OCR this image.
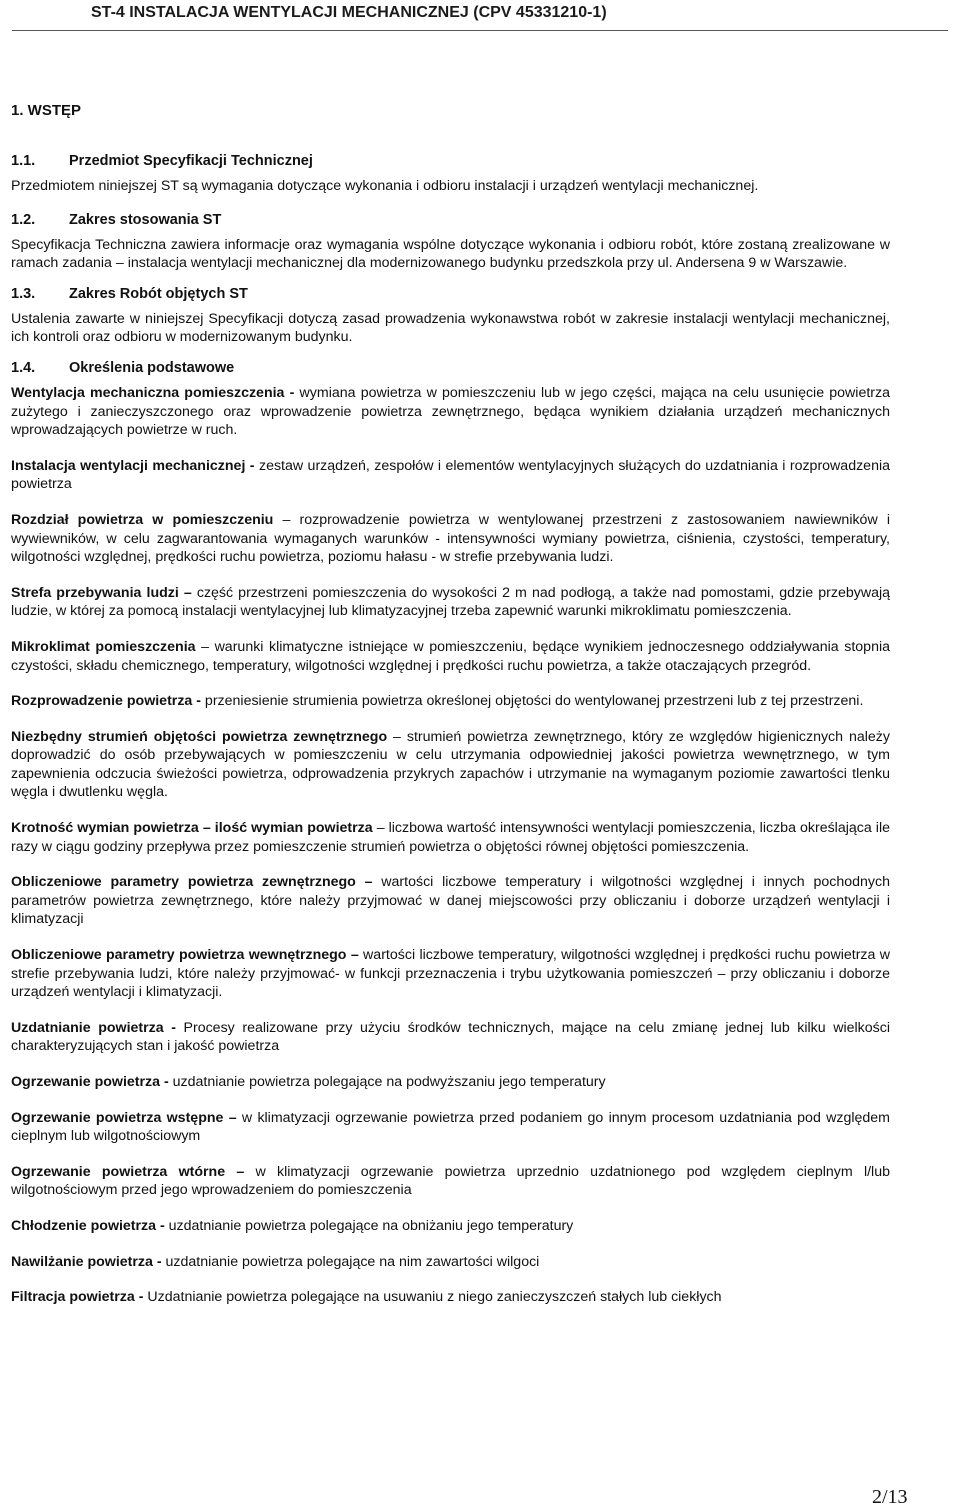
ST-4 INSTALACJA WENTYLACJI MECHANICZNEJ (CPV 45331210-1)
1. WSTĘP
1.1.	Przedmiot Specyfikacji Technicznej

Przedmiotem niniejszej ST są wymagania dotyczące wykonania i odbioru instalacji i urządzeń wentylacji mechanicznej.

1.2.	Zakres stosowania ST

Specyfikacja Techniczna zawiera informacje oraz wymagania wspólne dotyczące wykonania i odbioru robót, które zostaną zrealizowane w ramach zadania – instalacja wentylacji mechanicznej dla modernizowanego budynku przedszkola przy ul. Andersena 9 w Warszawie.

1.3.	Zakres Robót objętych ST

Ustalenia zawarte w niniejszej Specyfikacji dotyczą zasad prowadzenia wykonawstwa robót w zakresie instalacji wentylacji mechanicznej, ich kontroli oraz odbioru w modernizowanym budynku.

1.4.	Określenia podstawowe

Wentylacja mechaniczna pomieszczenia - wymiana powietrza w pomieszczeniu lub w jego części, mająca na celu usunięcie powietrza zużytego i zanieczyszczonego oraz wprowadzenie powietrza zewnętrznego, będąca wynikiem działania urządzeń mechanicznych wprowadzających powietrze w ruch.

Instalacja wentylacji mechanicznej - zestaw urządzeń, zespołów i elementów wentylacyjnych służących do uzdatniania i rozprowadzenia powietrza

Rozdział powietrza w pomieszczeniu – rozprowadzenie powietrza w wentylowanej przestrzeni z zastosowaniem nawiewników i wywiewników, w celu zagwarantowania wymaganych warunków - intensywności wymiany powietrza, ciśnienia, czystości, temperatury, wilgotności względnej, prędkości ruchu powietrza, poziomu hałasu - w strefie przebywania ludzi.

Strefa przebywania ludzi – część przestrzeni pomieszczenia do wysokości 2 m nad podłogą, a także nad pomostami, gdzie przebywają ludzie, w której za pomocą instalacji wentylacyjnej lub klimatyzacyjnej trzeba zapewnić warunki mikroklimatu pomieszczenia.

Mikroklimat pomieszczenia – warunki klimatyczne istniejące w pomieszczeniu, będące wynikiem jednoczesnego oddziaływania stopnia czystości, składu chemicznego, temperatury, wilgotności względnej i prędkości ruchu powietrza, a także otaczających przegród.

Rozprowadzenie powietrza - przeniesienie strumienia powietrza określonej objętości do wentylowanej przestrzeni lub z tej przestrzeni.

Niezbędny strumień objętości powietrza zewnętrznego – strumień powietrza zewnętrznego, który ze względów higienicznych należy doprowadzić do osób przebywających w pomieszczeniu w celu utrzymania odpowiedniej jakości powietrza wewnętrznego, w tym zapewnienia odczucia świeżości powietrza, odprowadzenia przykrych zapachów i utrzymanie na wymaganym poziomie zawartości tlenku węgla i dwutlenku węgla.

Krotność wymian powietrza – ilość wymian powietrza – liczbowa wartość intensywności wentylacji pomieszczenia, liczba określająca ile razy w ciągu godziny przepływa przez pomieszczenie strumień powietrza o objętości równej objętości pomieszczenia.

Obliczeniowe parametry powietrza zewnętrznego – wartości liczbowe temperatury i wilgotności względnej i innych pochodnych parametrów powietrza zewnętrznego, które należy przyjmować w danej miejscowości przy obliczaniu i doborze urządzeń wentylacji i klimatyzacji

Obliczeniowe parametry powietrza wewnętrznego – wartości liczbowe temperatury, wilgotności względnej i prędkości ruchu powietrza w strefie przebywania ludzi, które należy przyjmować- w funkcji przeznaczenia i trybu użytkowania pomieszczeń – przy obliczaniu i doborze urządzeń wentylacji i klimatyzacji.

Uzdatnianie powietrza - Procesy realizowane przy użyciu środków technicznych, mające na celu zmianę jednej lub kilku wielkości charakteryzujących stan i jakość powietrza

Ogrzewanie powietrza - uzdatnianie powietrza polegające na podwyższaniu jego temperatury

Ogrzewanie powietrza wstępne – w klimatyzacji ogrzewanie powietrza przed podaniem go innym procesom uzdatniania pod względem cieplnym lub wilgotnościowym

Ogrzewanie powietrza wtórne – w klimatyzacji ogrzewanie powietrza uprzednio uzdatnionego pod względem cieplnym l/lub wilgotnościowym przed jego wprowadzeniem do pomieszczenia

Chłodzenie powietrza - uzdatnianie powietrza polegające na obniżaniu jego temperatury

Nawilżanie powietrza - uzdatnianie powietrza polegające na nim zawartości wilgoci

Filtracja powietrza - Uzdatnianie powietrza polegające na usuwaniu z niego zanieczyszczeń stałych lub ciekłych

2/13
